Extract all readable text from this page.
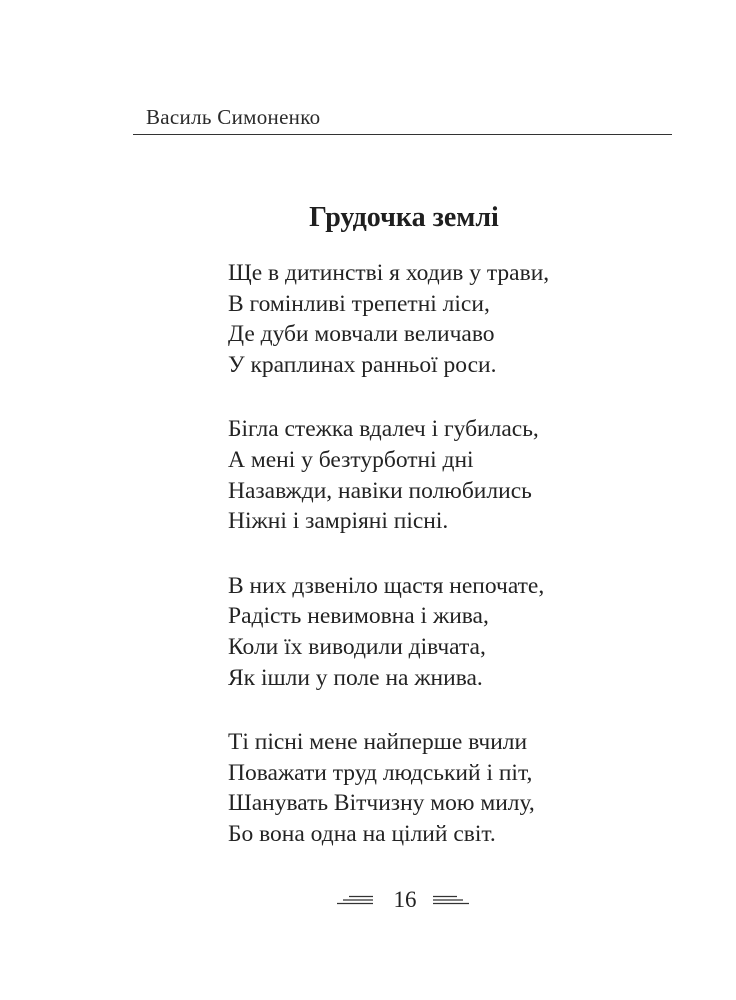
Василь Симоненко
Грудочка землі
Ще в дитинстві я ходив у трави,
В гомінливі трепетні ліси,
Де дуби мовчали величаво
У краплинах ранньої роси.
Бігла стежка вдалеч і губилась,
А мені у безтурботні дні
Назавжди, навіки полюбились
Ніжні і замріяні пісні.
В них дзвеніло щастя непочате,
Радість невимовна і жива,
Коли їх виводили дівчата,
Як ішли у поле на жнива.
Ті пісні мене найперше вчили
Поважати труд людський і піт,
Шанувать Вітчизну мою милу,
Бо вона одна на цілий світ.
16
